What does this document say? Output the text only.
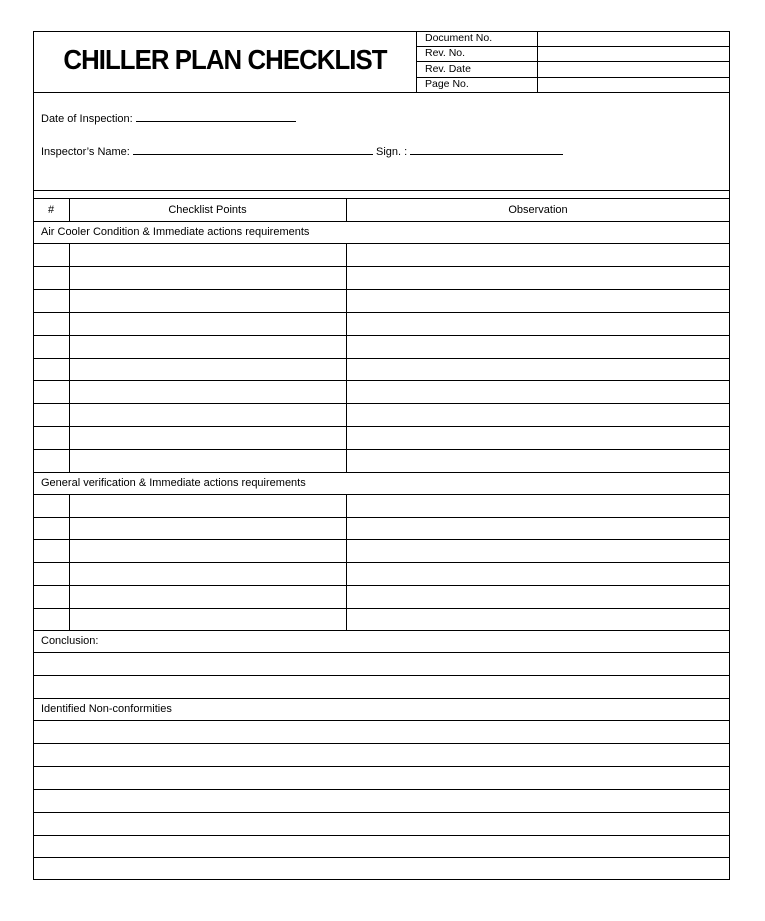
CHILLER PLAN CHECKLIST
Document No.
Rev. No.
Rev. Date
Page No.
Date of Inspection:
Inspector’s Name:	Sign. :
#	Checklist Points	Observation
Air Cooler Condition & Immediate actions requirements
General verification & Immediate actions requirements
Conclusion:
Identified Non-conformities
